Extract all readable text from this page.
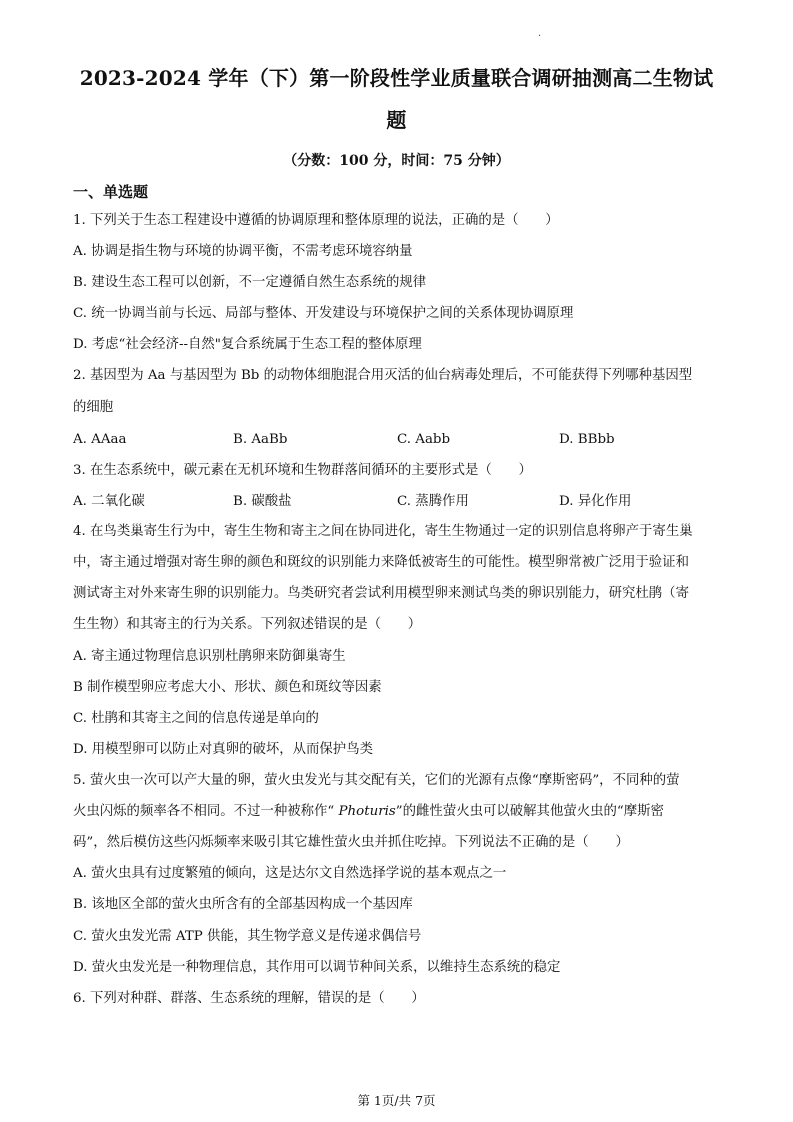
.
2023-2024 学年（下）第一阶段性学业质量联合调研抽测高二生物试
题
（分数：100 分，时间：75 分钟）
一、单选题
1. 下列关于生态工程建设中遵循的协调原理和整体原理的说法，正确的是（　　）
A. 协调是指生物与环境的协调平衡，不需考虑环境容纳量
B. 建设生态工程可以创新，不一定遵循自然生态系统的规律
C. 统一协调当前与长远、局部与整体、开发建设与环境保护之间的关系体现协调原理
D. 考虑“社会经济--自然"复合系统属于生态工程的整体原理
2. 基因型为 Aa 与基因型为 Bb 的动物体细胞混合用灭活的仙台病毒处理后，不可能获得下列哪种基因型
的细胞
A. AAaa	B. AaBb	C. Aabb	D. BBbb
3. 在生态系统中，碳元素在无机环境和生物群落间循环的主要形式是（　　）
A. 二氧化碳	B. 碳酸盐	C. 蒸腾作用	D. 异化作用
4. 在鸟类巢寄生行为中，寄生生物和寄主之间在协同进化，寄生生物通过一定的识别信息将卵产于寄生巢
中，寄主通过增强对寄生卵的颜色和斑纹的识别能力来降低被寄生的可能性。模型卵常被广泛用于验证和
测试寄主对外来寄生卵的识别能力。鸟类研究者尝试利用模型卵来测试鸟类的卵识别能力，研究杜鹃（寄
生生物）和其寄主的行为关系。下列叙述错误的是（　　）
A. 寄主通过物理信息识别杜鹃卵来防御巢寄生
B 制作模型卵应考虑大小、形状、颜色和斑纹等因素
C. 杜鹃和其寄主之间的信息传递是单向的
D. 用模型卵可以防止对真卵的破坏，从而保护鸟类
5. 萤火虫一次可以产大量的卵，萤火虫发光与其交配有关，它们的光源有点像“摩斯密码”，不同种的萤
火虫闪烁的频率各不相同。不过一种被称作“ Photuris”的雌性萤火虫可以破解其他萤火虫的“摩斯密
码”，然后模仿这些闪烁频率来吸引其它雄性萤火虫并抓住吃掉。下列说法不正确的是（　　）
A. 萤火虫具有过度繁殖的倾向，这是达尔文自然选择学说的基本观点之一
B. 该地区全部的萤火虫所含有的全部基因构成一个基因库
C. 萤火虫发光需 ATP 供能，其生物学意义是传递求偶信号
D. 萤火虫发光是一种物理信息，其作用可以调节种间关系，以维持生态系统的稳定
6. 下列对种群、群落、生态系统的理解，错误的是（　　）
第 1页/共 7页
